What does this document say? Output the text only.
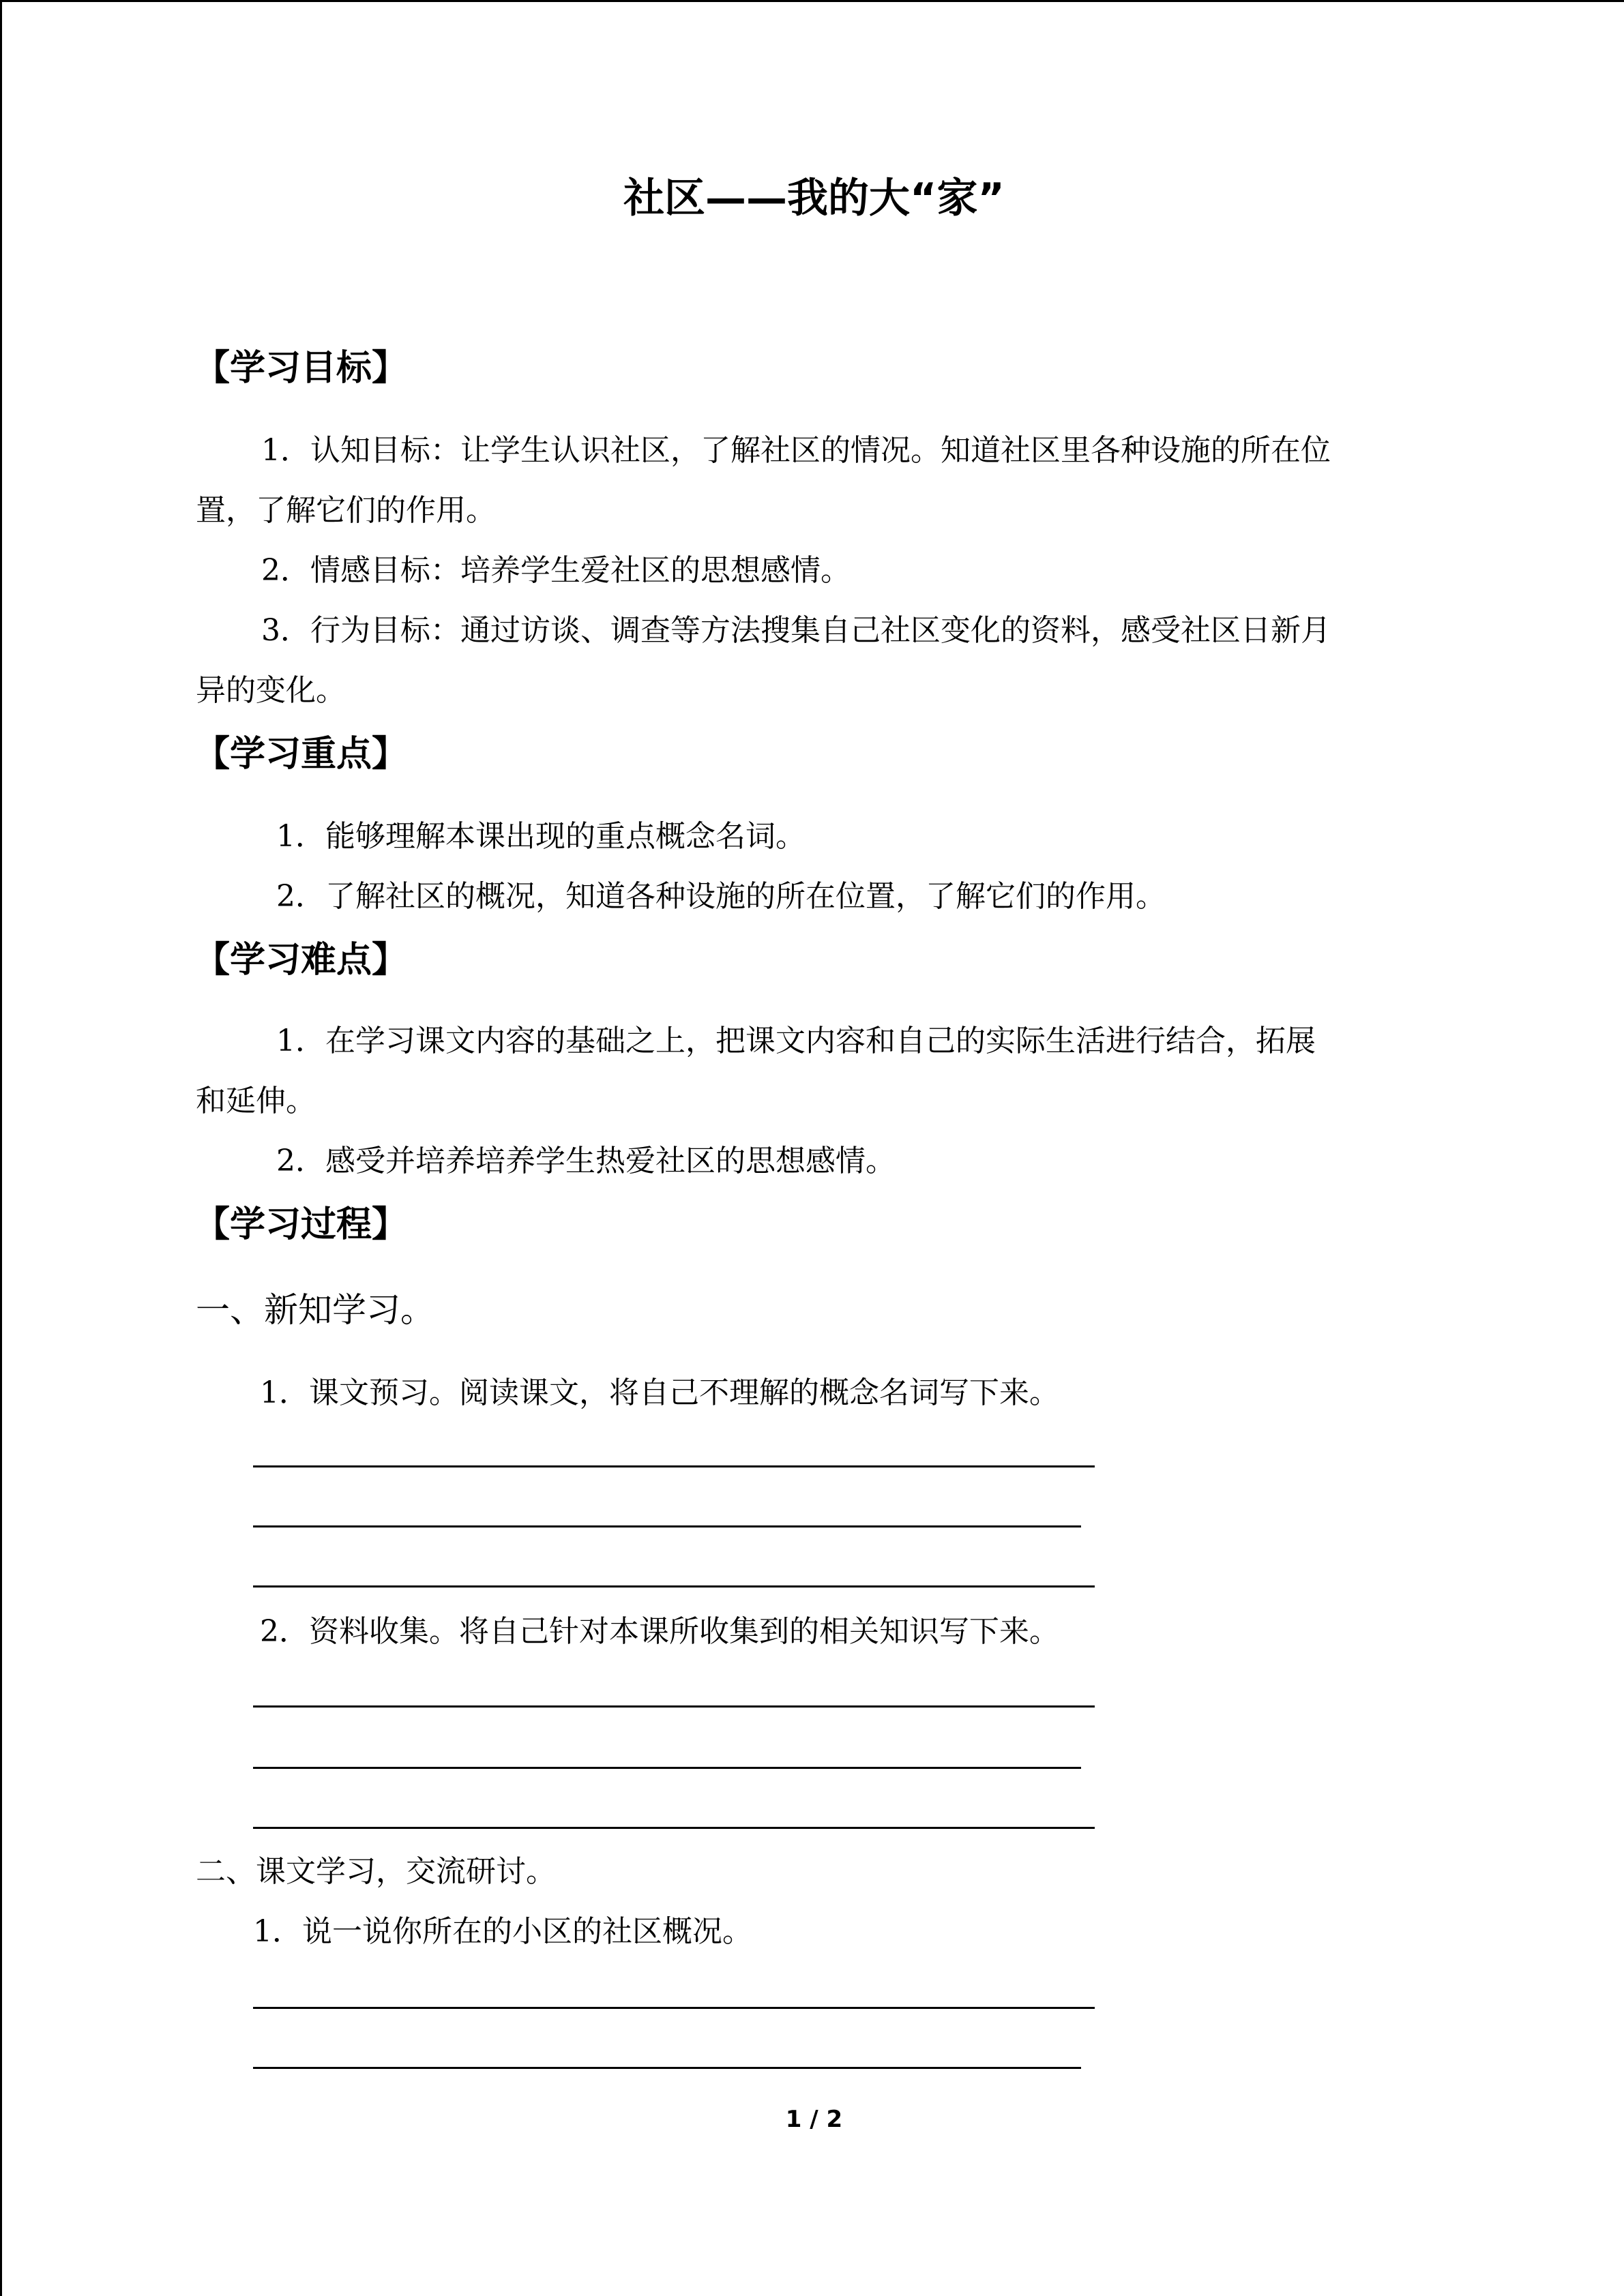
社区——我的大“家”
【学习目标】
1．认知目标：让学生认识社区，了解社区的情况。知道社区里各种设施的所在位
置，了解它们的作用。
2．情感目标：培养学生爱社区的思想感情。
3．行为目标：通过访谈、调查等方法搜集自己社区变化的资料，感受社区日新月
异的变化。
【学习重点】
1．能够理解本课出现的重点概念名词。
2．了解社区的概况，知道各种设施的所在位置，了解它们的作用。
【学习难点】
1．在学习课文内容的基础之上，把课文内容和自己的实际生活进行结合，拓展
和延伸。
2．感受并培养培养学生热爱社区的思想感情。
【学习过程】
一、新知学习。
1．课文预习。阅读课文，将自己不理解的概念名词写下来。
2．资料收集。将自己针对本课所收集到的相关知识写下来。
二、课文学习，交流研讨。
1．说一说你所在的小区的社区概况。
1 / 2
